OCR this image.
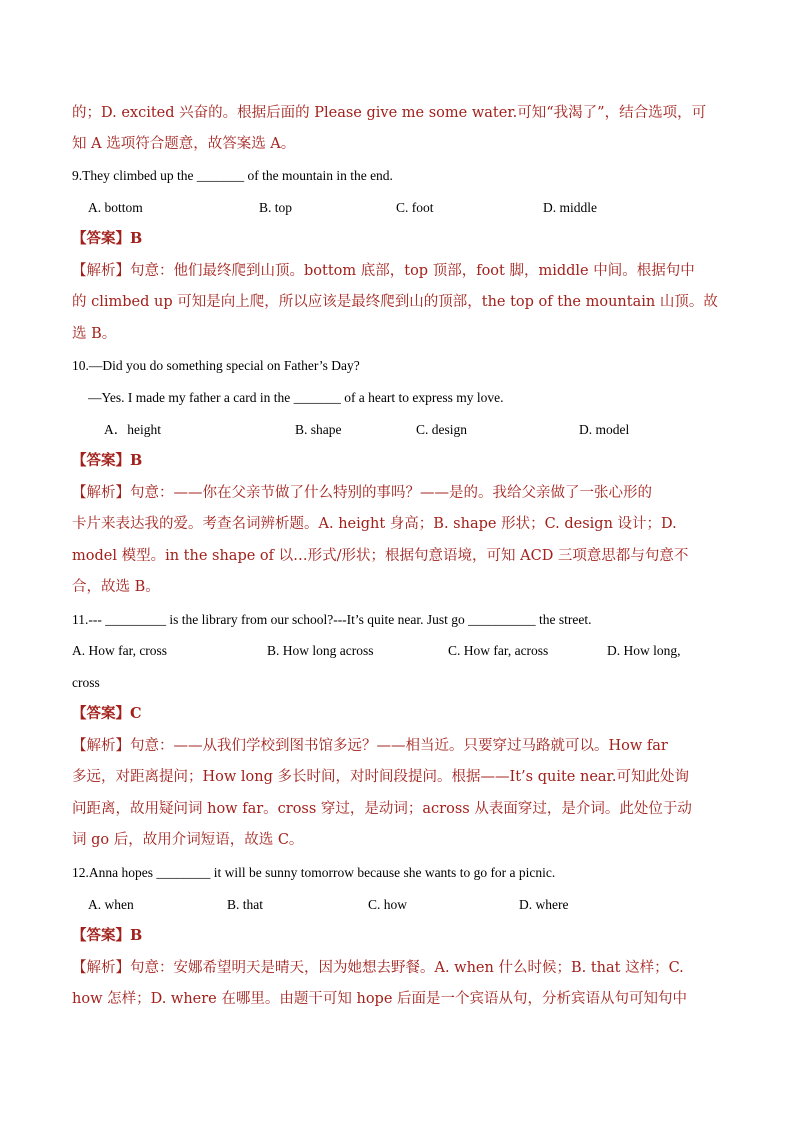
的；D. excited 兴奋的。根据后面的 Please give me some water.可知“我渴了”，结合选项，可
知 A 选项符合题意，故答案选 A。
9.They climbed up the _______ of the mountain in the end.
A. bottom	B. top	C. foot	D. middle
【答案】B
【解析】句意：他们最终爬到山顶。bottom 底部，top 顶部，foot 脚，middle 中间。根据句中
的 climbed up 可知是向上爬，所以应该是最终爬到山的顶部，the top of the mountain 山顶。故
选 B。
10.—Did you do something special on Father’s Day?
—Yes. I made my father a card in the _______ of a heart to express my love.
A．height	B. shape	C. design	D. model
【答案】B
【解析】句意：——你在父亲节做了什么特别的事吗？——是的。我给父亲做了一张心形的
卡片来表达我的爱。考查名词辨析题。A. height 身高；B. shape 形状；C. design 设计；D.
model 模型。in the shape of 以…形式/形状；根据句意语境，可知 ACD 三项意思都与句意不
合，故选 B。
11.--- _________ is the library from our school?---It’s quite near. Just go __________ the street.
A. How far, cross	B. How long across	C. How far, across	D. How long,
cross
【答案】C
【解析】句意：——从我们学校到图书馆多远？——相当近。只要穿过马路就可以。How far
多远，对距离提问；How long 多长时间，对时间段提问。根据——It’s quite near.可知此处询
问距离，故用疑问词 how far。cross 穿过，是动词；across 从表面穿过，是介词。此处位于动
词 go 后，故用介词短语，故选 C。
12.Anna hopes ________ it will be sunny tomorrow because she wants to go for a picnic.
A. when	B. that	C. how	D. where
【答案】B
【解析】句意：安娜希望明天是晴天，因为她想去野餐。A. when 什么时候；B. that 这样；C.
how 怎样；D. where 在哪里。由题干可知 hope 后面是一个宾语从句，分析宾语从句可知句中
